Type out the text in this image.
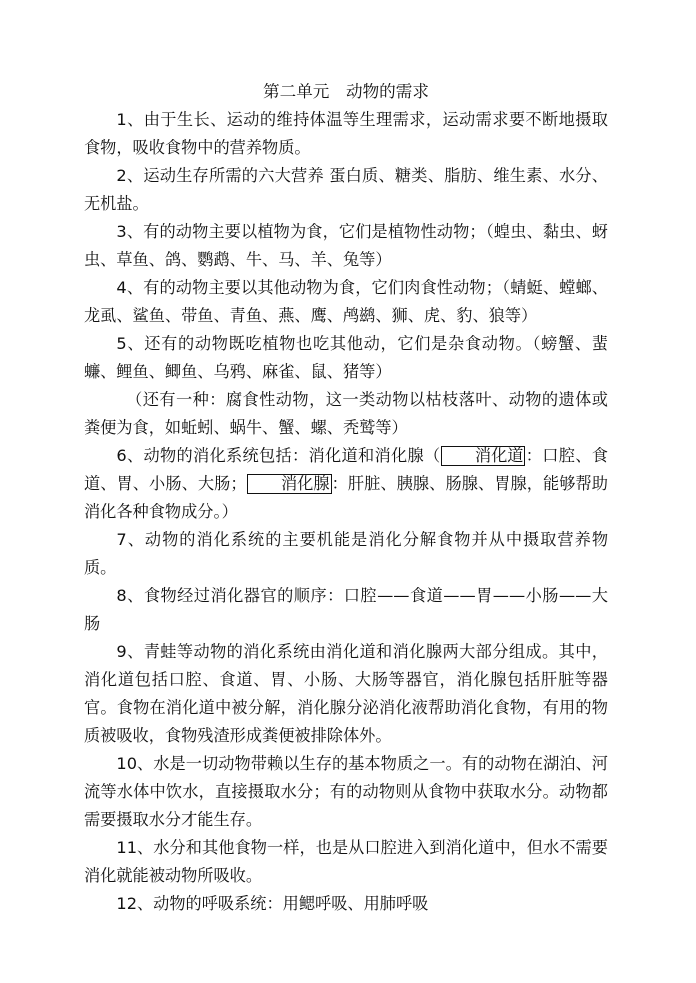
第二单元　动物的需求

1、由于生长、运动的维持体温等生理需求，运动需求要不断地摄取食物，吸收食物中的营养物质。

2、运动生存所需的六大营养 蛋白质、糖类、脂肪、维生素、水分、无机盐。

3、有的动物主要以植物为食，它们是植物性动物；（蝗虫、黏虫、蚜虫、草鱼、鸽、鹦鹉、牛、马、羊、兔等）

4、有的动物主要以其他动物为食，它们肉食性动物；（蜻蜓、螳螂、龙虱、鲨鱼、带鱼、青鱼、燕、鹰、鸬鹚、狮、虎、豹、狼等）

5、还有的动物既吃植物也吃其他动，它们是杂食动物。（螃蟹、蜚蠊、鲤鱼、鲫鱼、乌鸦、麻雀、鼠、猪等）

（还有一种：腐食性动物，这一类动物以枯枝落叶、动物的遗体或粪便为食，如蚯蚓、蜗牛、蟹、螺、秃鹫等）

6、动物的消化系统包括：消化道和消化腺（ 消化道 ：口腔、食道、胃、小肠、大肠； 消化腺 ：肝脏、胰腺、肠腺、胃腺，能够帮助消化各种食物成分。）

7、动物的消化系统的主要机能是消化分解食物并从中摄取营养物质。

8、食物经过消化器官的顺序：口腔——食道——胃——小肠——大肠

9、青蛙等动物的消化系统由消化道和消化腺两大部分组成。其中，消化道包括口腔、食道、胃、小肠、大肠等器官，消化腺包括肝脏等器官。食物在消化道中被分解，消化腺分泌消化液帮助消化食物，有用的物质被吸收，食物残渣形成粪便被排除体外。

10、水是一切动物带赖以生存的基本物质之一。有的动物在湖泊、河流等水体中饮水，直接摄取水分；有的动物则从食物中获取水分。动物都需要摄取水分才能生存。

11、水分和其他食物一样，也是从口腔进入到消化道中，但水不需要消化就能被动物所吸收。

12、动物的呼吸系统：用鳃呼吸、用肺呼吸
